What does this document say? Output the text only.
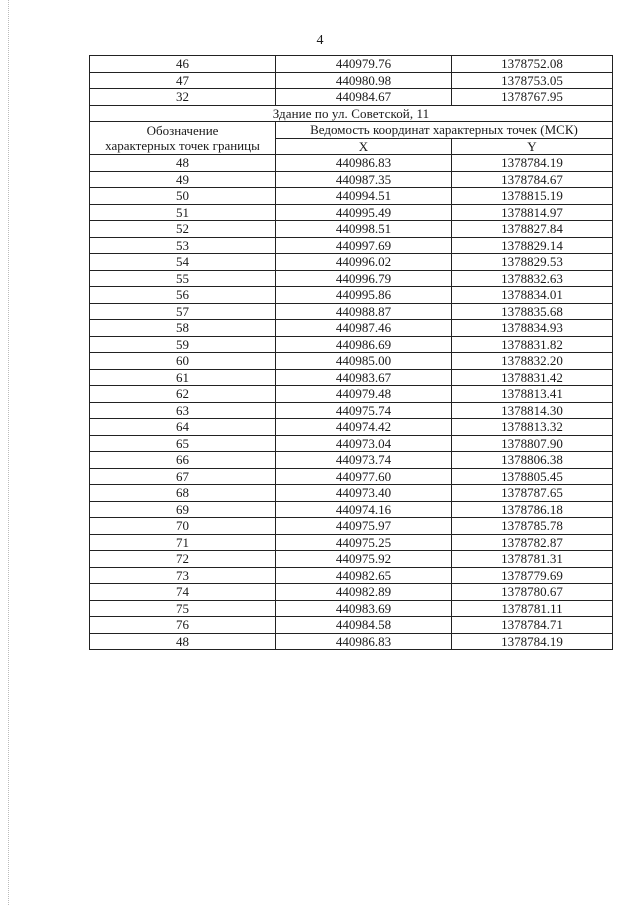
4
46	440979.76	1378752.08
47	440980.98	1378753.05
32	440984.67	1378767.95
Здание по ул. Советской, 11		

Обозначение
характерных точек границы	Ведомость координат характерных точек (МСК)	
	X	Y
48	440986.83	1378784.19
49	440987.35	1378784.67
50	440994.51	1378815.19
51	440995.49	1378814.97
52	440998.51	1378827.84
53	440997.69	1378829.14
54	440996.02	1378829.53
55	440996.79	1378832.63
56	440995.86	1378834.01
57	440988.87	1378835.68
58	440987.46	1378834.93
59	440986.69	1378831.82
60	440985.00	1378832.20
61	440983.67	1378831.42
62	440979.48	1378813.41
63	440975.74	1378814.30
64	440974.42	1378813.32
65	440973.04	1378807.90
66	440973.74	1378806.38
67	440977.60	1378805.45
68	440973.40	1378787.65
69	440974.16	1378786.18
70	440975.97	1378785.78
71	440975.25	1378782.87
72	440975.92	1378781.31
73	440982.65	1378779.69
74	440982.89	1378780.67
75	440983.69	1378781.11
76	440984.58	1378784.71
48	440986.83	1378784.19
